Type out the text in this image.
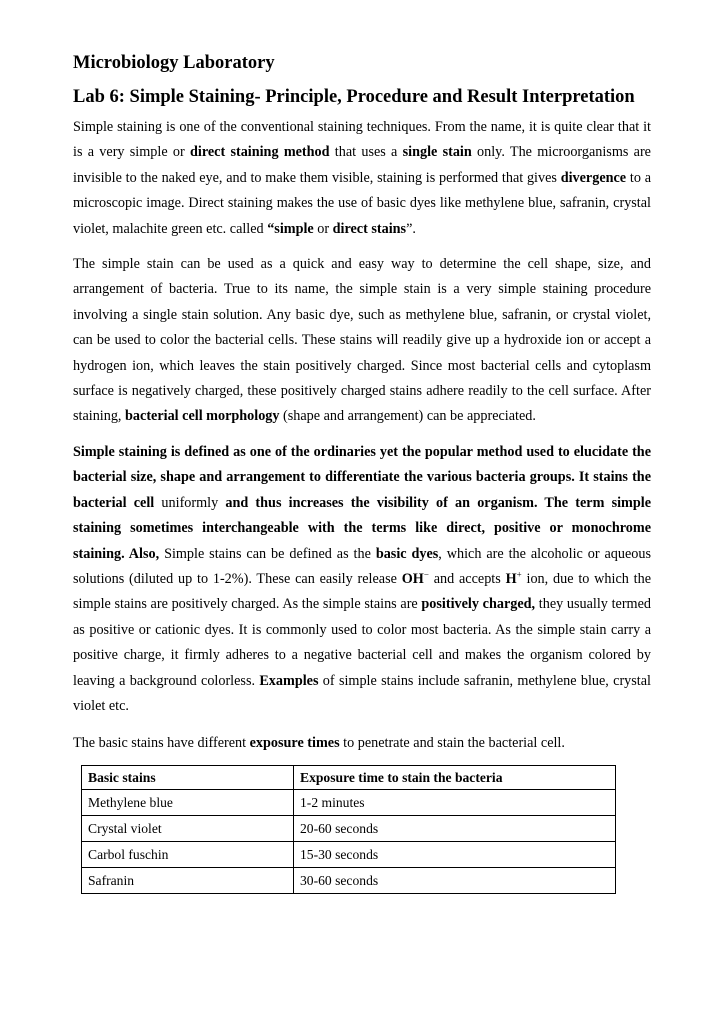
Microbiology Laboratory
Lab 6: Simple Staining- Principle, Procedure and Result Interpretation

Simple staining is one of the conventional staining techniques. From the name, it is quite clear that it is a very simple or direct staining method that uses a single stain only. The microorganisms are invisible to the naked eye, and to make them visible, staining is performed that gives divergence to a microscopic image. Direct staining makes the use of basic dyes like methylene blue, safranin, crystal violet, malachite green etc. called “simple or direct stains”.

The simple stain can be used as a quick and easy way to determine the cell shape, size, and arrangement of bacteria. True to its name, the simple stain is a very simple staining procedure involving a single stain solution. Any basic dye, such as methylene blue, safranin, or crystal violet, can be used to color the bacterial cells. These stains will readily give up a hydroxide ion or accept a hydrogen ion, which leaves the stain positively charged. Since most bacterial cells and cytoplasm surface is negatively charged, these positively charged stains adhere readily to the cell surface. After staining, bacterial cell morphology (shape and arrangement) can be appreciated.

Simple staining is defined as one of the ordinaries yet the popular method used to elucidate the bacterial size, shape and arrangement to differentiate the various bacteria groups. It stains the bacterial cell uniformly and thus increases the visibility of an organism. The term simple staining sometimes interchangeable with the terms like direct, positive or monochrome staining. Also, Simple stains can be defined as the basic dyes, which are the alcoholic or aqueous solutions (diluted up to 1-2%). These can easily release OH− and accepts H+ ion, due to which the simple stains are positively charged. As the simple stains are positively charged, they usually termed as positive or cationic dyes. It is commonly used to color most bacteria. As the simple stain carry a positive charge, it firmly adheres to a negative bacterial cell and makes the organism colored by leaving a background colorless. Examples of simple stains include safranin, methylene blue, crystal violet etc.

The basic stains have different exposure times to penetrate and stain the bacterial cell.
Basic stains	Exposure time to stain the bacteria
Methylene blue	1-2 minutes
Crystal violet	20-60 seconds
Carbol fuschin	15-30 seconds
Safranin	30-60 seconds
